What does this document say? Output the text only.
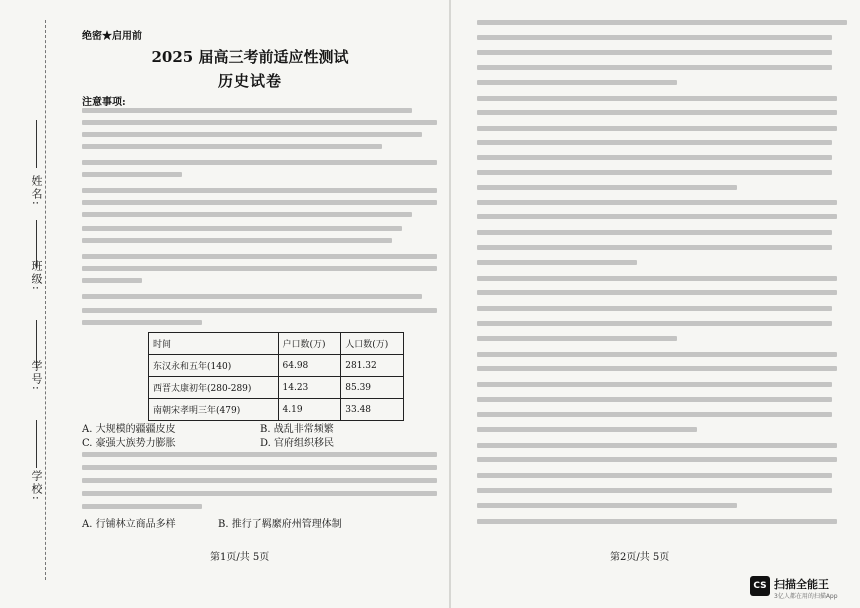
姓名:
班级:
学号:
学校:
绝密★启用前
2025 届高三考前适应性测试
历史试卷
注意事项:
时间	户口数(万)	人口数(万)
东汉永和五年(140)	64.98	281.32
西晋太康初年(280-289)	14.23	85.39
南朝宋孝明三年(479)	4.19	33.48
A. 大规模的疆疆皮皮	B. 战乱非常频繁
C. 豪强大族势力膨胀	D. 官府组织移民
A. 行铺林立商品多样	B. 推行了羁縻府州管理体制
第1页/共 5页	第2页/共 5页
CS 扫描全能王
3亿人都在用的扫描App
